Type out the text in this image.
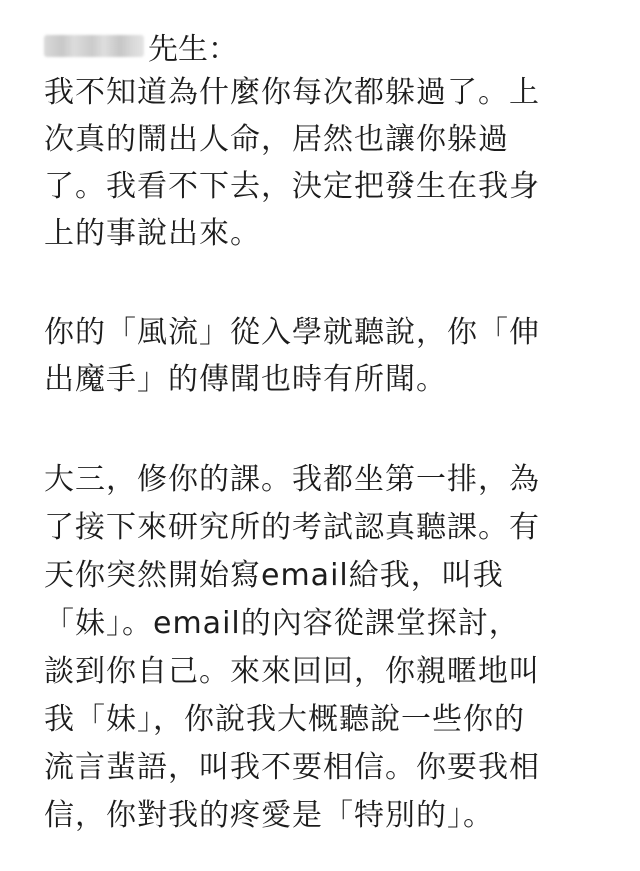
先生：
我不知道為什麼你每次都躲過了。上
次真的鬧出人命，居然也讓你躲過
了。我看不下去，決定把發生在我身
上的事說出來。
你的「風流」從入學就聽說，你「伸
出魔手」的傳聞也時有所聞。
大三，修你的課。我都坐第一排，為
了接下來研究所的考試認真聽課。有
天你突然開始寫email給我，叫我
「妹」。email的內容從課堂探討，
談到你自己。來來回回，你親暱地叫
我「妹」，你說我大概聽說一些你的
流言蜚語，叫我不要相信。你要我相
信，你對我的疼愛是「特別的」。
